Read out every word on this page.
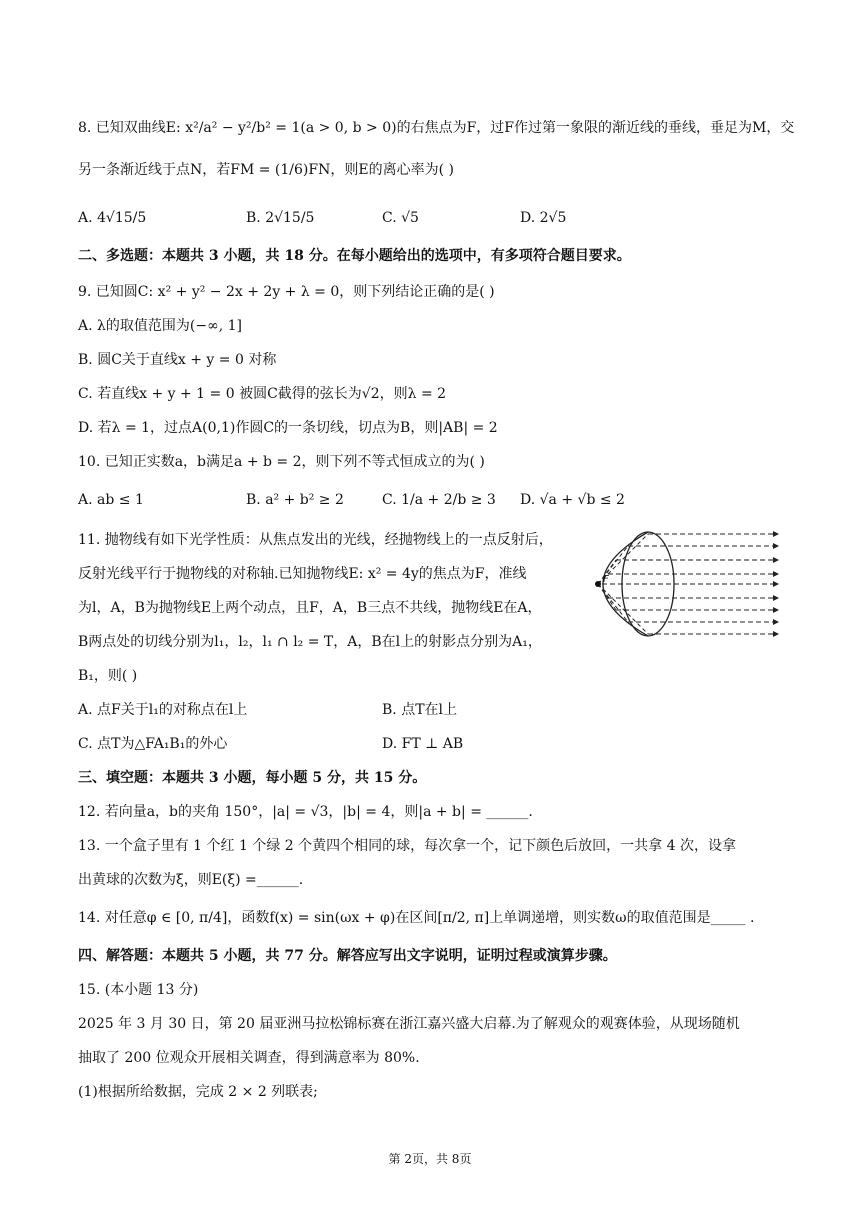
8. 已知双曲线E: x²/a² − y²/b² = 1(a > 0, b > 0)的右焦点为F，过F作过第一象限的渐近线的垂线，垂足为M，交
另一条渐近线于点N，若FM = (1/6)FN，则E的离心率为( )
A. 4√15/5	B. 2√15/5	C. √5	D. 2√5
二、多选题：本题共 3 小题，共 18 分。在每小题给出的选项中，有多项符合题目要求。
9. 已知圆C: x² + y² − 2x + 2y + λ = 0，则下列结论正确的是( )
A. λ的取值范围为(−∞, 1]
B. 圆C关于直线x + y = 0 对称
C. 若直线x + y + 1 = 0 被圆C截得的弦长为√2，则λ = 2
D. 若λ = 1，过点A(0,1)作圆C的一条切线，切点为B，则|AB| = 2
10. 已知正实数a，b满足a + b = 2，则下列不等式恒成立的为( )
A. ab ≤ 1	B. a² + b² ≥ 2	C. 1/a + 2/b ≥ 3 D. √a + √b ≤ 2
11. 抛物线有如下光学性质：从焦点发出的光线，经抛物线上的一点反射后，
反射光线平行于抛物线的对称轴.已知抛物线E: x² = 4y的焦点为F，准线
为l，A，B为抛物线E上两个动点，且F，A，B三点不共线，抛物线E在A，
B两点处的切线分别为l₁，l₂，l₁ ∩ l₂ = T，A，B在l上的射影点分别为A₁，
B₁，则( )
F
A. 点F关于l₁的对称点在l上	B. 点T在l上
C. 点T为△FA₁B₁的外心	D. FT ⊥ AB
三、填空题：本题共 3 小题，每小题 5 分，共 15 分。
12. 若向量a，b的夹角 150°，|a| = √3，|b| = 4，则|a + b| = ______.
13. 一个盒子里有 1 个红 1 个绿 2 个黄四个相同的球，每次拿一个，记下颜色后放回，一共拿 4 次，设拿
出黄球的次数为ξ，则E(ξ) =______.
14. 对任意φ ∈ [0, π/4]，函数f(x) = sin(ωx + φ)在区间[π/2, π]上单调递增，则实数ω的取值范围是_____ .
四、解答题：本题共 5 小题，共 77 分。解答应写出文字说明，证明过程或演算步骤。
15. (本小题 13 分)
2025 年 3 月 30 日，第 20 届亚洲马拉松锦标赛在浙江嘉兴盛大启幕.为了解观众的观赛体验，从现场随机
抽取了 200 位观众开展相关调查，得到满意率为 80%.
(1)根据所给数据，完成 2 × 2 列联表;
第 2页，共 8页
